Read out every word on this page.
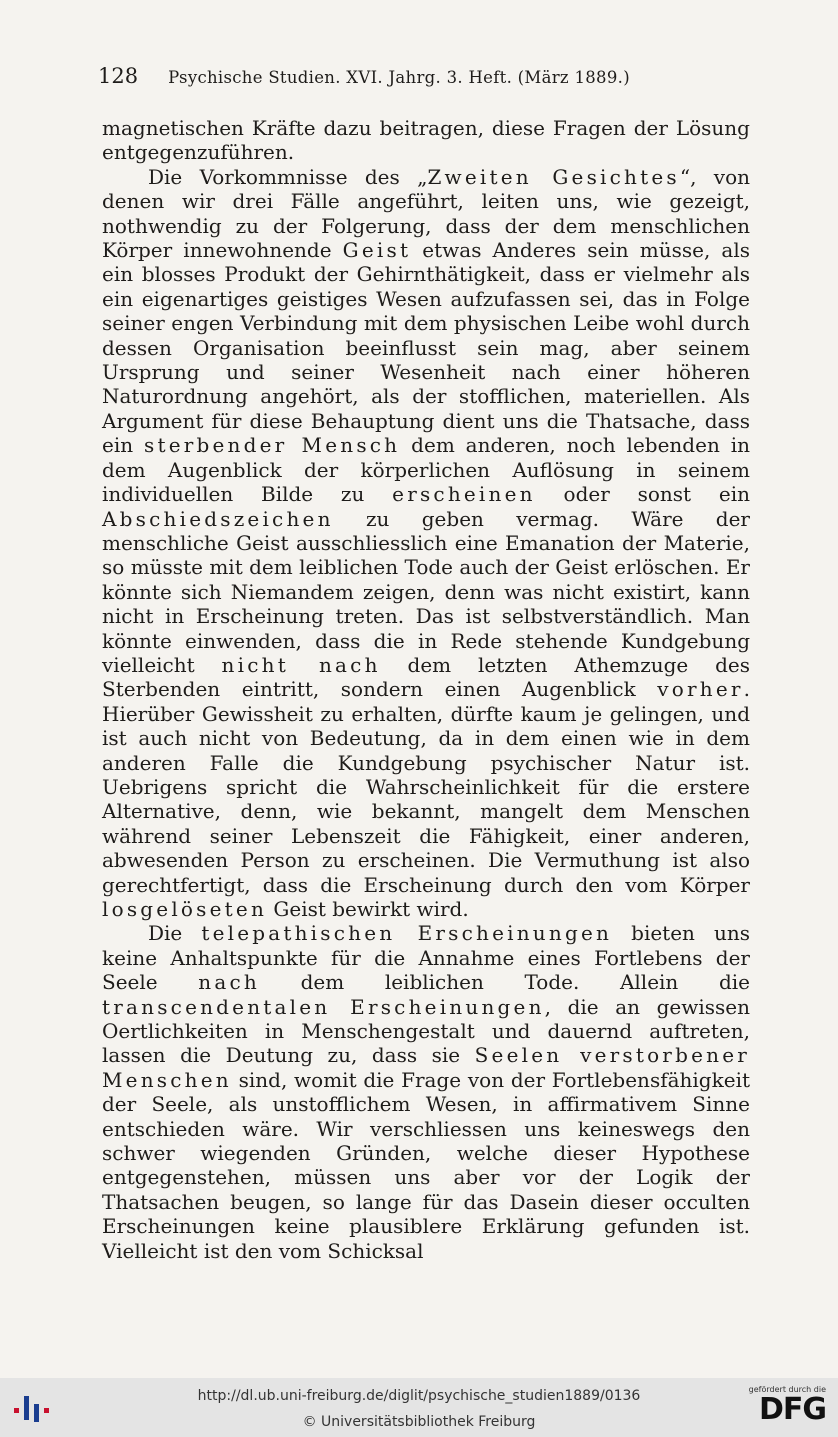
128 Psychische Studien. XVI. Jahrg. 3. Heft. (März 1889.)

magnetischen Kräfte dazu beitragen, diese Fragen der Lösung entgegenzuführen.

Die Vorkommnisse des „Zweiten Gesichtes“, von denen wir drei Fälle angeführt, leiten uns, wie gezeigt, nothwendig zu der Folgerung, dass der dem menschlichen Körper innewohnende Geist etwas Anderes sein müsse, als ein blosses Produkt der Gehirnthätigkeit, dass er vielmehr als ein eigenartiges geistiges Wesen aufzufassen sei, das in Folge seiner engen Verbindung mit dem physischen Leibe wohl durch dessen Organisation beeinflusst sein mag, aber seinem Ursprung und seiner Wesenheit nach einer höheren Naturordnung angehört, als der stofflichen, materiellen. Als Argument für diese Behauptung dient uns die Thatsache, dass ein sterbender Mensch dem anderen, noch lebenden in dem Augenblick der körperlichen Auflösung in seinem individuellen Bilde zu erscheinen oder sonst ein Abschiedszeichen zu geben vermag. Wäre der menschliche Geist ausschliesslich eine Emanation der Materie, so müsste mit dem leiblichen Tode auch der Geist erlöschen. Er könnte sich Niemandem zeigen, denn was nicht existirt, kann nicht in Erscheinung treten. Das ist selbstverständlich. Man könnte einwenden, dass die in Rede stehende Kundgebung vielleicht nicht nach dem letzten Athemzuge des Sterbenden eintritt, sondern einen Augenblick vorher. Hierüber Gewissheit zu erhalten, dürfte kaum je gelingen, und ist auch nicht von Bedeutung, da in dem einen wie in dem anderen Falle die Kundgebung psychischer Natur ist. Uebrigens spricht die Wahrscheinlichkeit für die erstere Alternative, denn, wie bekannt, mangelt dem Menschen während seiner Lebenszeit die Fähigkeit, einer anderen, abwesenden Person zu erscheinen. Die Vermuthung ist also gerechtfertigt, dass die Erscheinung durch den vom Körper losgelöseten Geist bewirkt wird.

Die telepathischen Erscheinungen bieten uns keine Anhaltspunkte für die Annahme eines Fortlebens der Seele nach dem leiblichen Tode. Allein die transcendentalen Erscheinungen, die an gewissen Oertlichkeiten in Menschengestalt und dauernd auftreten, lassen die Deutung zu, dass sie Seelen verstorbener Menschen sind, womit die Frage von der Fortlebensfähigkeit der Seele, als unstofflichem Wesen, in affirmativem Sinne entschieden wäre. Wir verschliessen uns keineswegs den schwer wiegenden Gründen, welche dieser Hypothese entgegenstehen, müssen uns aber vor der Logik der Thatsachen beugen, so lange für das Dasein dieser occulten Erscheinungen keine plausiblere Erklärung gefunden ist. Vielleicht ist den vom Schicksal

http://dl.ub.uni-freiburg.de/diglit/psychische_studien1889/0136
© Universitätsbibliothek Freiburg
gefördert durch die
DFG
